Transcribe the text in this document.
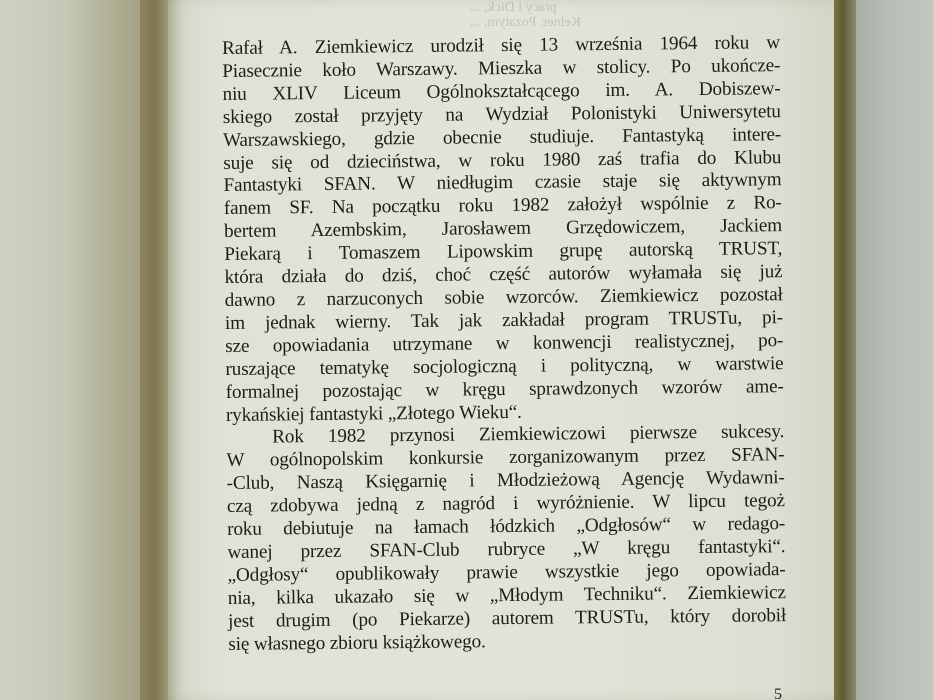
pracy i Dick, ...
Kelner. Pozatym, ...
Rafał A. Ziemkiewicz urodził się 13 września 1964 roku w
Piasecznie koło Warszawy. Mieszka w stolicy. Po ukończe-
niu XLIV Liceum Ogólnokształcącego im. A. Dobiszew-
skiego został przyjęty na Wydział Polonistyki Uniwersytetu
Warszawskiego, gdzie obecnie studiuje. Fantastyką intere-
suje się od dzieciństwa, w roku 1980 zaś trafia do Klubu
Fantastyki SFAN. W niedługim czasie staje się aktywnym
fanem SF. Na początku roku 1982 założył wspólnie z Ro-
bertem Azembskim, Jarosławem Grzędowiczem, Jackiem
Piekarą i Tomaszem Lipowskim grupę autorską TRUST,
która działa do dziś, choć część autorów wyłamała się już
dawno z narzuconych sobie wzorców. Ziemkiewicz pozostał
im jednak wierny. Tak jak zakładał program TRUSTu, pi-
sze opowiadania utrzymane w konwencji realistycznej, po-
ruszające tematykę socjologiczną i polityczną, w warstwie
formalnej pozostając w kręgu sprawdzonych wzorów ame-
rykańskiej fantastyki „Złotego Wieku“.
Rok 1982 przynosi Ziemkiewiczowi pierwsze sukcesy.
W ogólnopolskim konkursie zorganizowanym przez SFAN-
-Club, Naszą Księgarnię i Młodzieżową Agencję Wydawni-
czą zdobywa jedną z nagród i wyróżnienie. W lipcu tegoż
roku debiutuje na łamach łódzkich „Odgłosów“ w redago-
wanej przez SFAN-Club rubryce „W kręgu fantastyki“.
„Odgłosy“ opublikowały prawie wszystkie jego opowiada-
nia, kilka ukazało się w „Młodym Techniku“. Ziemkiewicz
jest drugim (po Piekarze) autorem TRUSTu, który dorobił
się własnego zbioru książkowego.
5
